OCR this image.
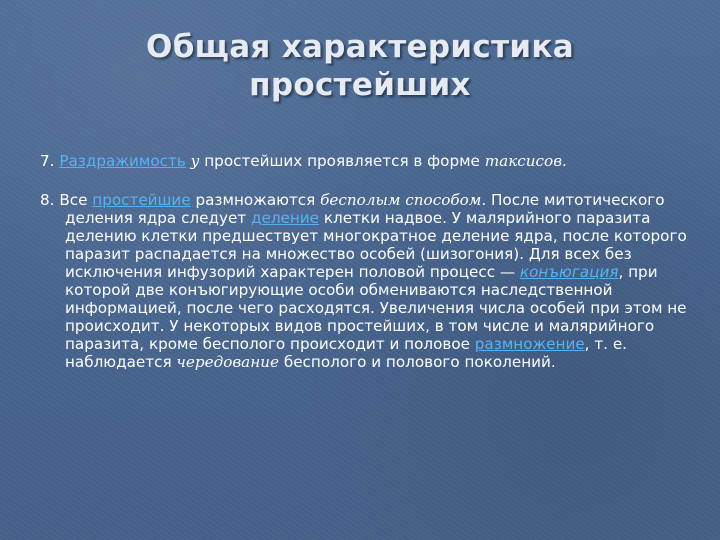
Общая характеристика
простейших

7. Раздражимость у простейших проявляется в форме таксисов.

8. Все простейшие размножаются бесполым способом. После митотического деления ядра следует деление клетки надвое. У малярийного паразита делению клетки предшествует многократное деление ядра, после которого паразит распадается на множество особей (шизогония). Для всех без исключения инфузорий характерен половой процесс — конъюгация, при которой две конъюгирующие особи обмениваются наследственной информацией, после чего расходятся. Увеличения числа особей при этом не происходит. У некоторых видов простейших, в том числе и малярийного паразита, кроме бесполого происходит и половое размножение, т. е. наблюдается чередование бесполого и полового поколений.
